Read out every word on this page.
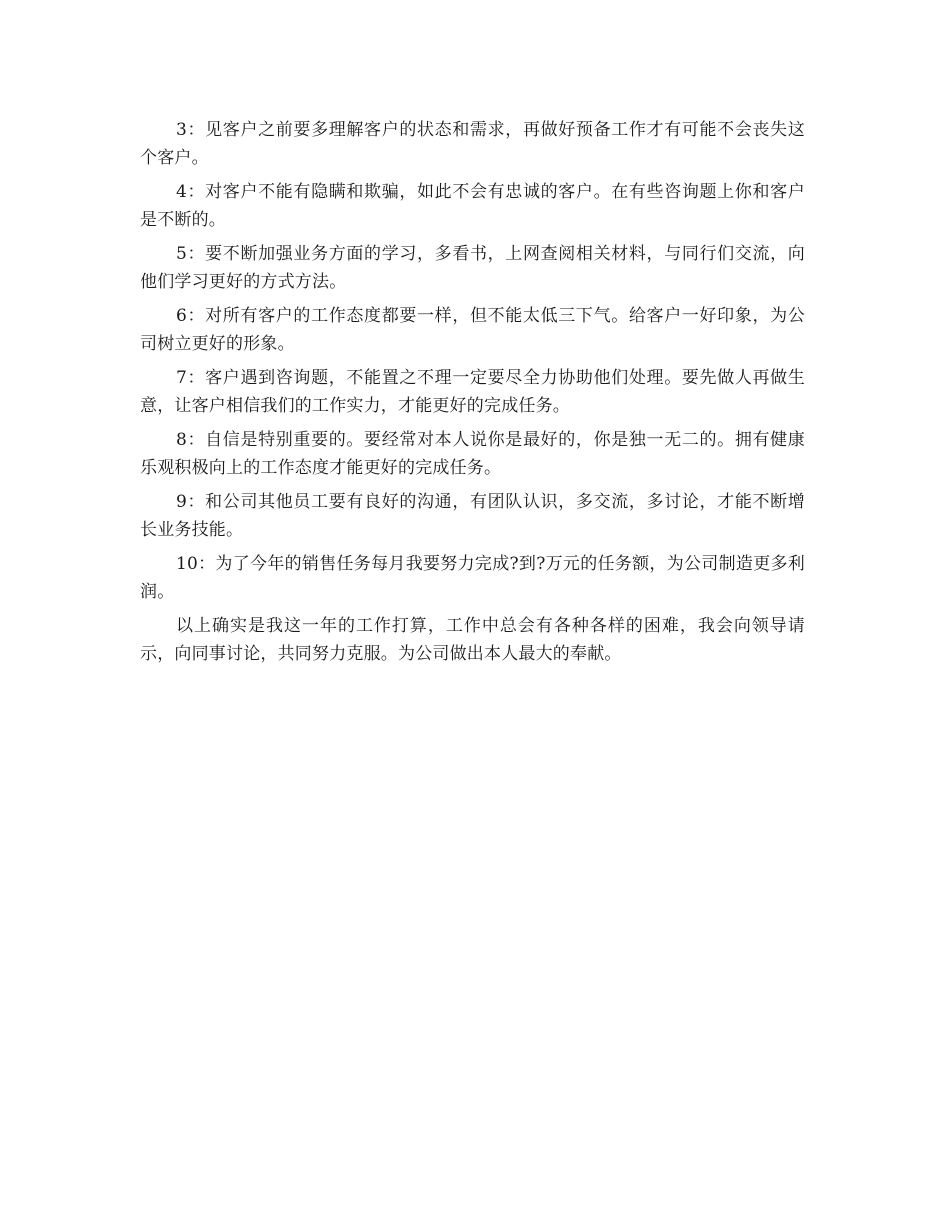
3：见客户之前要多理解客户的状态和需求，再做好预备工作才有可能不会丧失这个客户。

4：对客户不能有隐瞒和欺骗，如此不会有忠诚的客户。在有些咨询题上你和客户是不断的。

5：要不断加强业务方面的学习，多看书，上网查阅相关材料，与同行们交流，向他们学习更好的方式方法。

6：对所有客户的工作态度都要一样，但不能太低三下气。给客户一好印象，为公司树立更好的形象。

7：客户遇到咨询题，不能置之不理一定要尽全力协助他们处理。要先做人再做生意，让客户相信我们的工作实力，才能更好的完成任务。

8：自信是特别重要的。要经常对本人说你是最好的，你是独一无二的。拥有健康乐观积极向上的工作态度才能更好的完成任务。

9：和公司其他员工要有良好的沟通，有团队认识，多交流，多讨论，才能不断增长业务技能。

10：为了今年的销售任务每月我要努力完成?到?万元的任务额，为公司制造更多利润。

以上确实是我这一年的工作打算，工作中总会有各种各样的困难，我会向领导请示，向同事讨论，共同努力克服。为公司做出本人最大的奉献。
